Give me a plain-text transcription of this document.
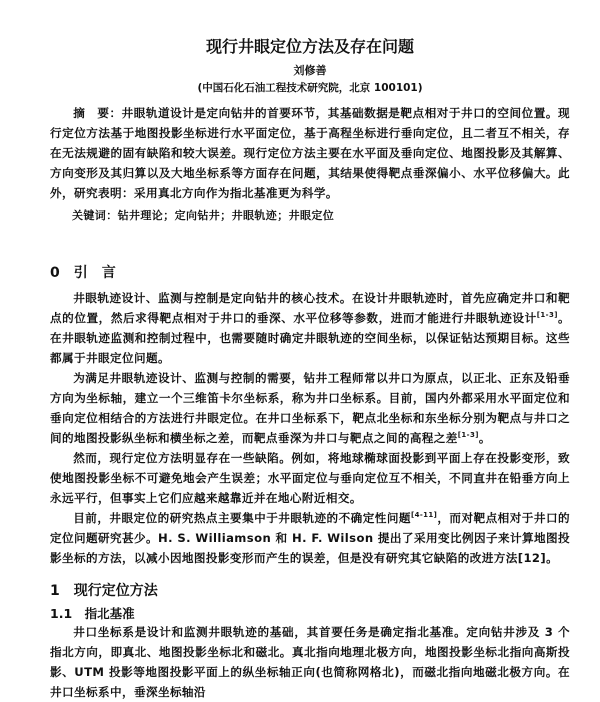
现行井眼定位方法及存在问题
刘修善
(中国石化石油工程技术研究院，北京 100101)

摘　要：井眼轨道设计是定向钻井的首要环节，其基础数据是靶点相对于井口的空间位置。现行定位方法基于地图投影坐标进行水平面定位，基于高程坐标进行垂向定位，且二者互不相关，存在无法规避的固有缺陷和较大误差。现行定位方法主要在水平面及垂向定位、地图投影及其解算、方向变形及其归算以及大地坐标系等方面存在问题，其结果使得靶点垂深偏小、水平位移偏大。此外，研究表明：采用真北方向作为指北基准更为科学。

关键词：钻井理论；定向钻井；井眼轨迹；井眼定位

0　引　言

井眼轨迹设计、监测与控制是定向钻井的核心技术。在设计井眼轨迹时，首先应确定井口和靶点的位置，然后求得靶点相对于井口的垂深、水平位移等参数，进而才能进行井眼轨迹设计[1-3]。在井眼轨迹监测和控制过程中，也需要随时确定井眼轨迹的空间坐标，以保证钻达预期目标。这些都属于井眼定位问题。

为满足井眼轨迹设计、监测与控制的需要，钻井工程师常以井口为原点，以正北、正东及铅垂方向为坐标轴，建立一个三维笛卡尔坐标系，称为井口坐标系。目前，国内外都采用水平面定位和垂向定位相结合的方法进行井眼定位。在井口坐标系下，靶点北坐标和东坐标分别为靶点与井口之间的地图投影纵坐标和横坐标之差，而靶点垂深为井口与靶点之间的高程之差[1-3]。

然而，现行定位方法明显存在一些缺陷。例如，将地球椭球面投影到平面上存在投影变形，致使地图投影坐标不可避免地会产生误差；水平面定位与垂向定位互不相关，不同直井在铅垂方向上永远平行，但事实上它们应越来越靠近并在地心附近相交。

目前，井眼定位的研究热点主要集中于井眼轨迹的不确定性问题[4-11]，而对靶点相对于井口的定位问题研究甚少。H. S. Williamson 和 H. F. Wilson 提出了采用变比例因子来计算地图投影坐标的方法，以减小因地图投影变形而产生的误差，但是没有研究其它缺陷的改进方法[12]。

1　现行定位方法
1.1　指北基准

井口坐标系是设计和监测井眼轨迹的基础，其首要任务是确定指北基准。定向钻井涉及 3 个指北方向，即真北、地图投影坐标北和磁北。真北指向地理北极方向，地图投影坐标北指向高斯投影、UTM 投影等地图投影平面上的纵坐标轴正向(也简称网格北)，而磁北指向地磁北极方向。在井口坐标系中，垂深坐标轴沿
